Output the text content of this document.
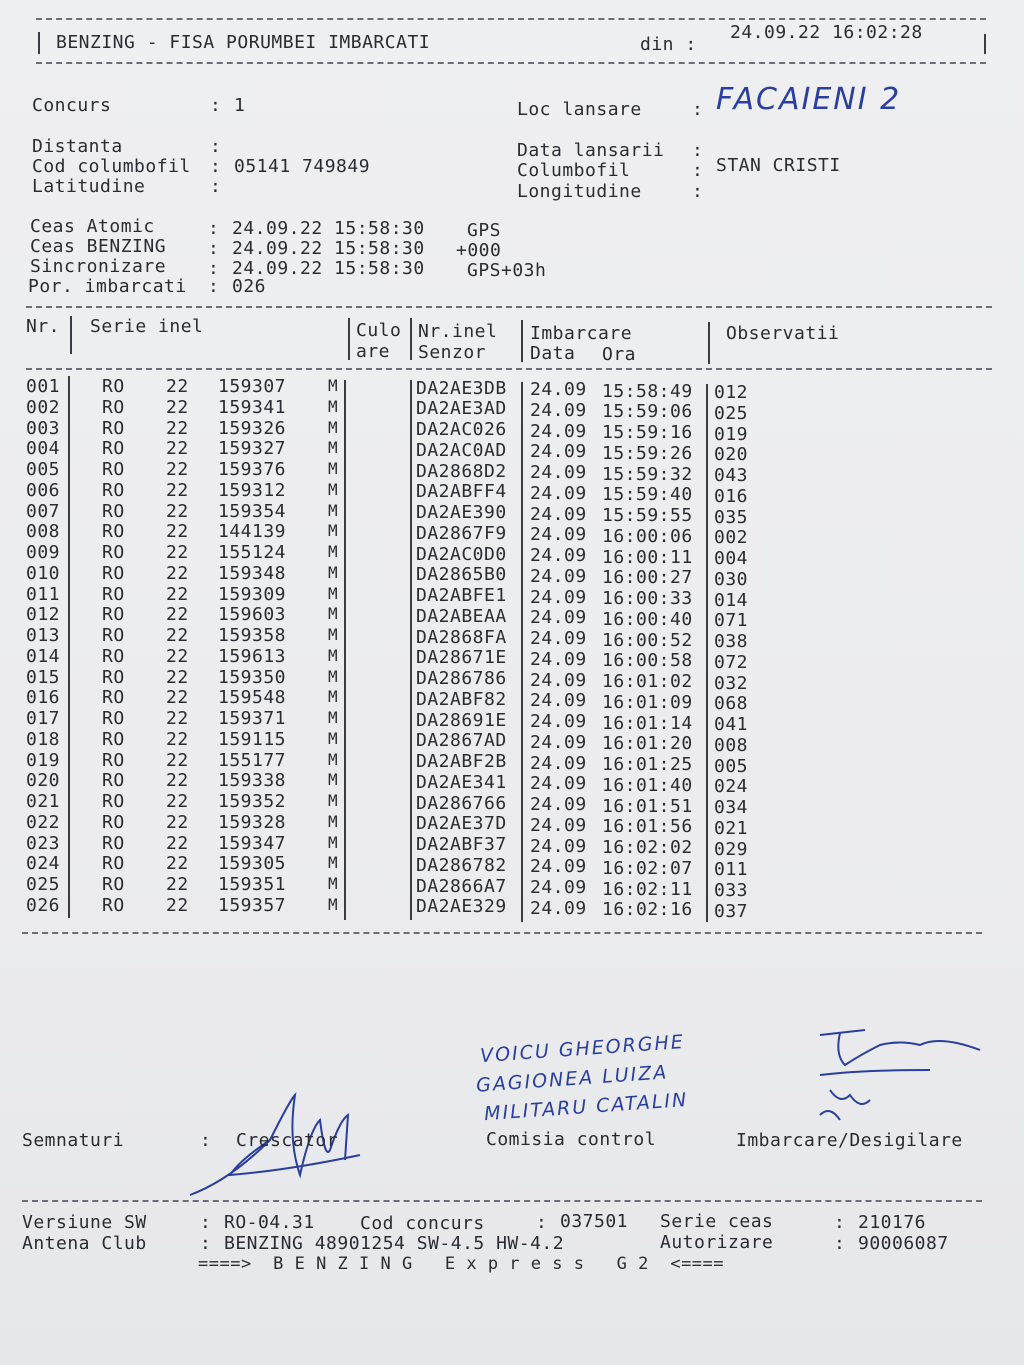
BENZING - FISA PORUMBEI IMBARCATI	din :
24.09.22 16:02:28
Concurs	: 1
Distanta	:
Cod columbofil : 05141 749849
Latitudine	:
Loc lansare	: FACAIENI 2
Data lansarii :
Columbofil	: STAN CRISTI
Longitudine	:
Ceas Atomic	: 24.09.22 15:58:30 GPS
Ceas BENZING : 24.09.22 15:58:30 +000
Sincronizare : 24.09.22 15:58:30 GPS+03h
Por. imbarcati : 026
Nr. Serie inel	Culo
are
Nr.inel
Senzor
Imbarcare
Data Ora
Observatii
001 RO 22 159307	M	DA2AE3DB 24.09 15:58:49 012
002 RO 22 159341	M	DA2AE3AD 24.09 15:59:06 025
003 RO 22 159326	M	DA2AC026 24.09 15:59:16 019
004 RO 22 159327	M	DA2AC0AD 24.09 15:59:26 020
005 RO 22 159376	M	DA2868D2 24.09 15:59:32 043
006 RO 22 159312	M	DA2ABFF4 24.09 15:59:40 016
007 RO 22 159354	M	DA2AE390 24.09 15:59:55 035
008 RO 22 144139	M	DA2867F9 24.09 16:00:06 002
009 RO 22 155124	M	DA2AC0D0 24.09 16:00:11 004
010 RO 22 159348	M	DA2865B0 24.09 16:00:27 030
011 RO 22 159309	M	DA2ABFE1 24.09 16:00:33 014
012 RO 22 159603	M	DA2ABEAA 24.09 16:00:40 071
013 RO 22 159358	M	DA2868FA 24.09 16:00:52 038
014 RO 22 159613	M	DA28671E 24.09 16:00:58 072
015 RO 22 159350	M	DA286786 24.09 16:01:02 032
016 RO 22 159548	M	DA2ABF82 24.09 16:01:09 068
017 RO 22 159371	M	DA28691E 24.09 16:01:14 041
018 RO 22 159115	M	DA2867AD 24.09 16:01:20 008
019 RO 22 155177	M	DA2ABF2B 24.09 16:01:25 005
020 RO 22 159338	M	DA2AE341 24.09 16:01:40 024
021 RO 22 159352	M	DA286766 24.09 16:01:51 034
022 RO 22 159328	M	DA2AE37D 24.09 16:01:56 021
023 RO 22 159347	M	DA2ABF37 24.09 16:02:02 029
024 RO 22 159305	M	DA286782 24.09 16:02:07 011
025 RO 22 159351	M	DA2866A7 24.09 16:02:11 033
026 RO 22 159357	M	DA2AE329 24.09 16:02:16 037
VOICU GHEORGHE
GAGIONEA LUIZA
MILITARU CATALIN
Semnaturi	: Crescator	Comisia control	Imbarcare/Desigilare
Versiune SW	: RO-04.31	Cod concurs	: 037501 Serie ceas	: 210176
Antena Club	: BENZING 48901254 SW-4.5 HW-4.2	Autorizare	: 90006087
====>  B E N Z I N G   E x p r e s s   G 2  <====
